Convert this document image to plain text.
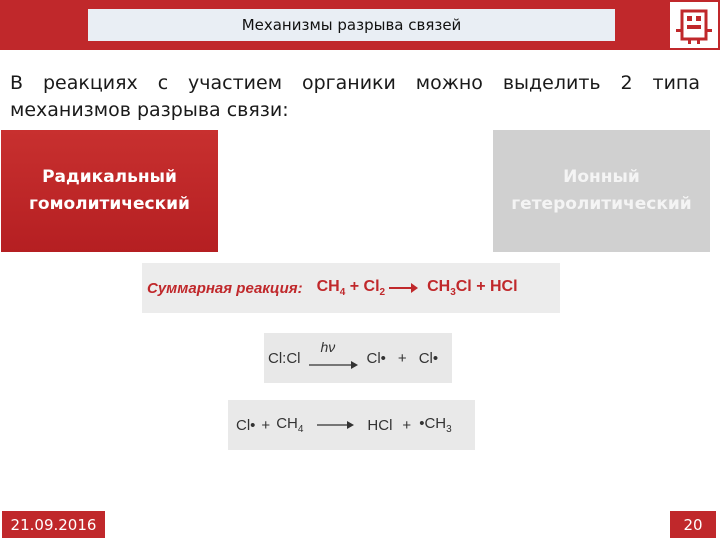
Механизмы разрыва связей
В реакциях с участием органики можно выделить 2 типа механизмов разрыва связи:
Радикальный
гомолитический
Ионный
гетеролитический
Суммарная реакция: $CH_4 + Cl_2 \to CH_3Cl$ + HCl
Cl:Cl
hν
Cl• + Cl•
Cl• + $CH_4$	HCl + $•CH_3$
21.09.2016	20
